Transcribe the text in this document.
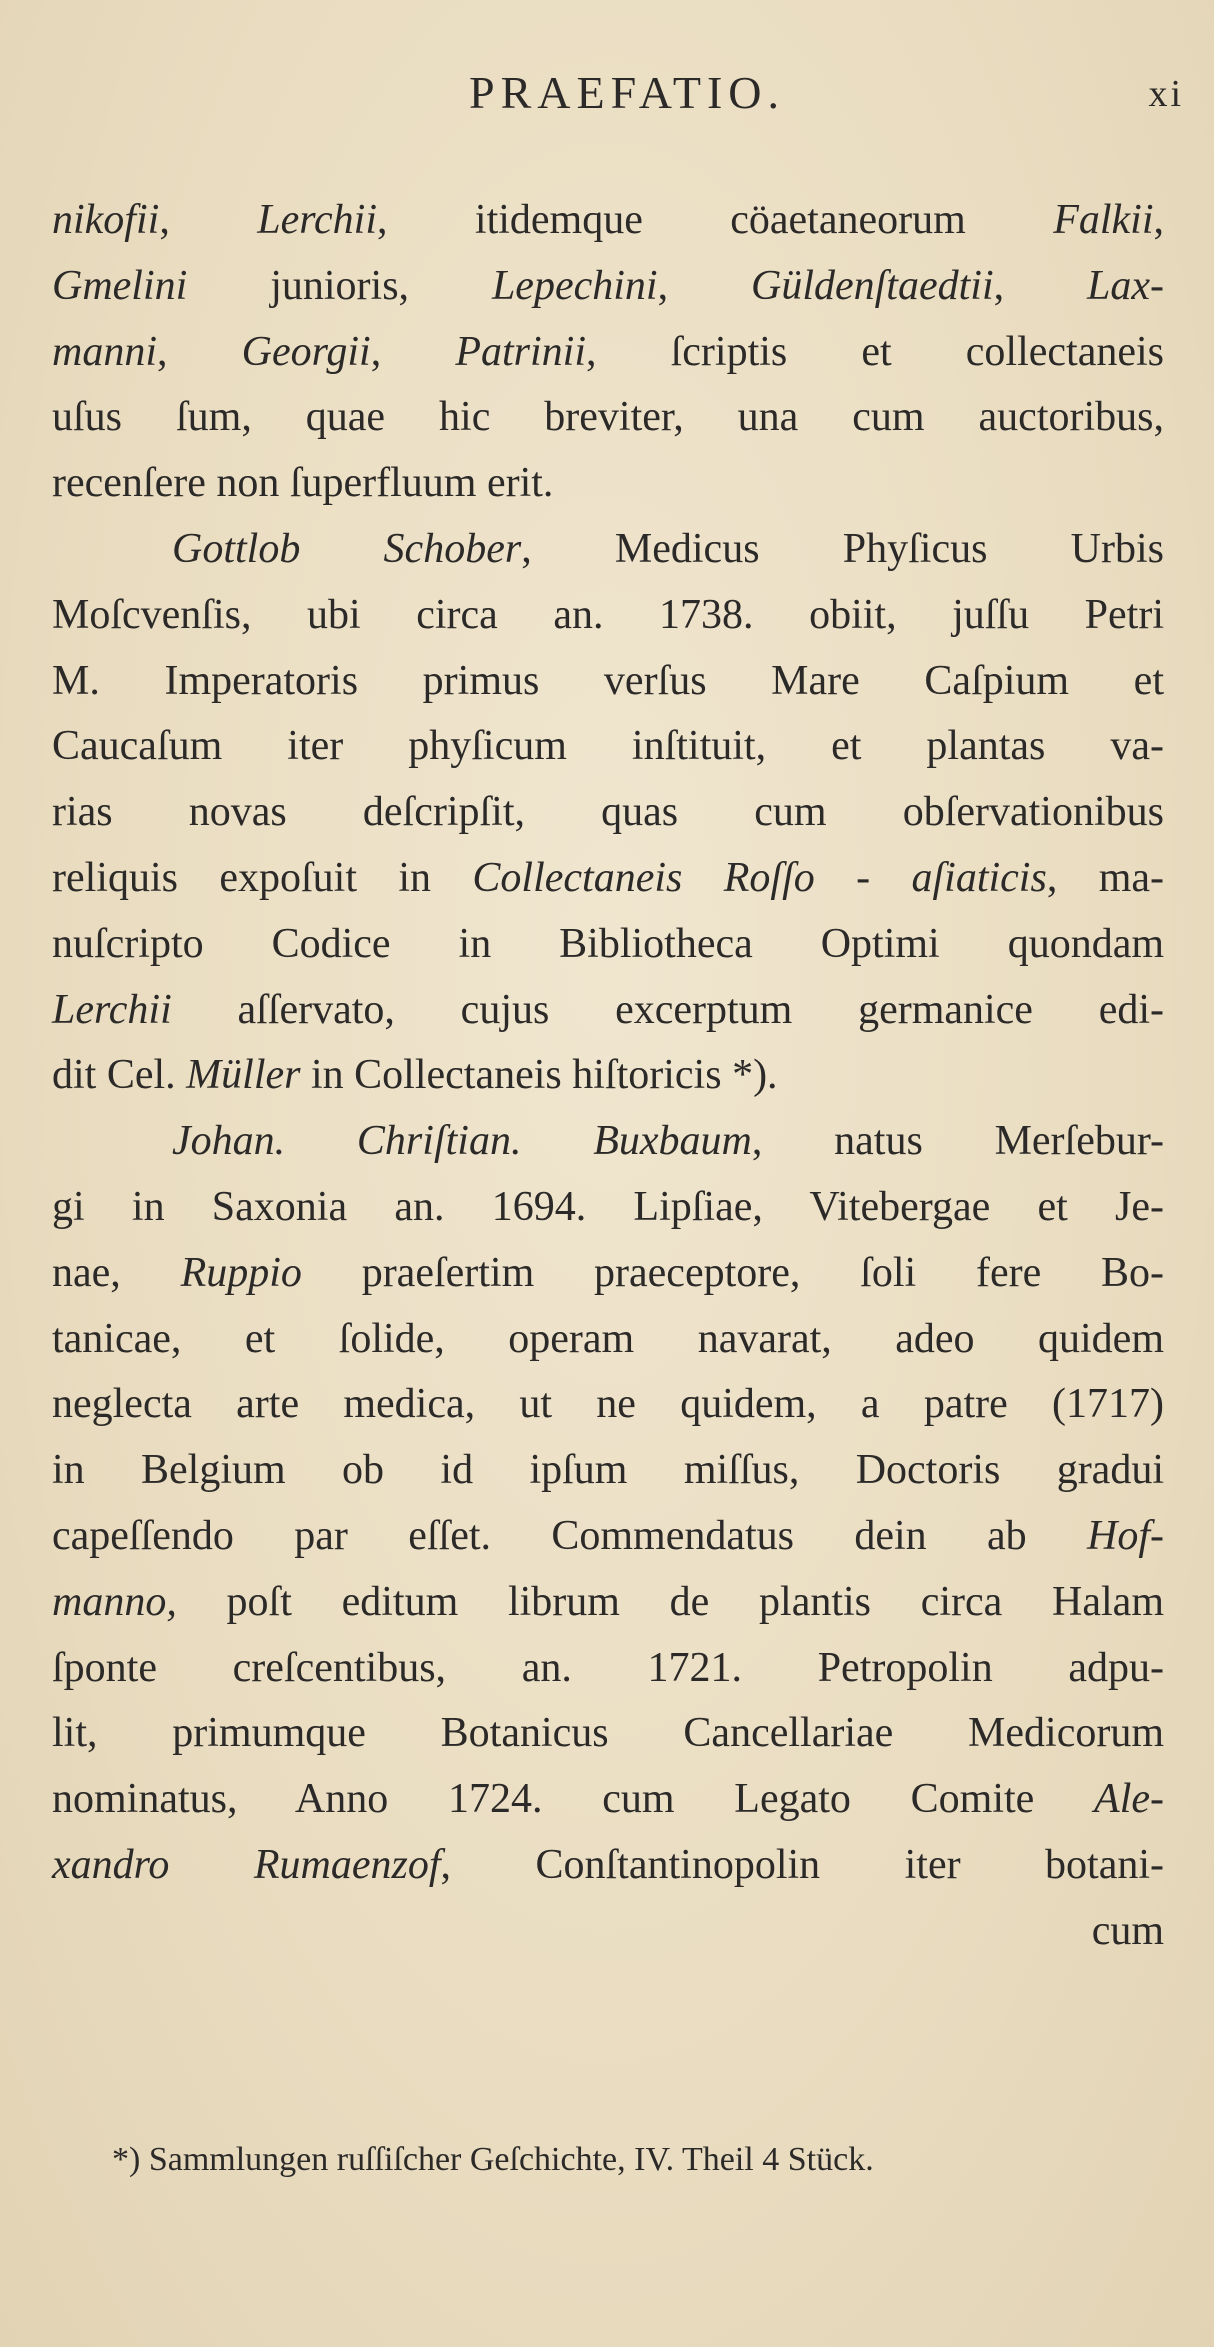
PRAEFATIO.	xi
nikofii, Lerchii, itidemque cöaetaneorum Falkii,
Gmelini junioris, Lepechini, Güldenſtaedtii, Lax-
manni, Georgii, Patrinii, ſcriptis et collectaneis
uſus ſum, quae hic breviter, una cum auctoribus,
recenſere non ſuperfluum erit.
Gottlob Schober, Medicus Phyſicus Urbis
Moſcvenſis, ubi circa an. 1738. obiit, juſſu Petri
M. Imperatoris primus verſus Mare Caſpium et
Caucaſum iter phyſicum inſtituit, et plantas va-
rias novas deſcripſit, quas cum obſervationibus
reliquis expoſuit in Collectaneis Roſſo - aſiaticis, ma-
nuſcripto Codice in Bibliotheca Optimi quondam
Lerchii aſſervato, cujus excerptum germanice edi-
dit Cel. Müller in Collectaneis hiſtoricis *).
Johan. Chriſtian. Buxbaum, natus Merſebur-
gi in Saxonia an. 1694. Lipſiae, Vitebergae et Je-
nae, Ruppio praeſertim praeceptore, ſoli fere Bo-
tanicae, et ſolide, operam navarat, adeo quidem
neglecta arte medica, ut ne quidem, a patre (1717)
in Belgium ob id ipſum miſſus, Doctoris gradui
capeſſendo par eſſet. Commendatus dein ab Hof-
manno, poſt editum librum de plantis circa Halam
ſponte creſcentibus, an. 1721. Petropolin adpu-
lit, primumque Botanicus Cancellariae Medicorum
nominatus, Anno 1724. cum Legato Comite Ale-
xandro Rumaenzof, Conſtantinopolin iter botani-
cum
*) Sammlungen ruſſiſcher Geſchichte, IV. Theil 4 Stück.
